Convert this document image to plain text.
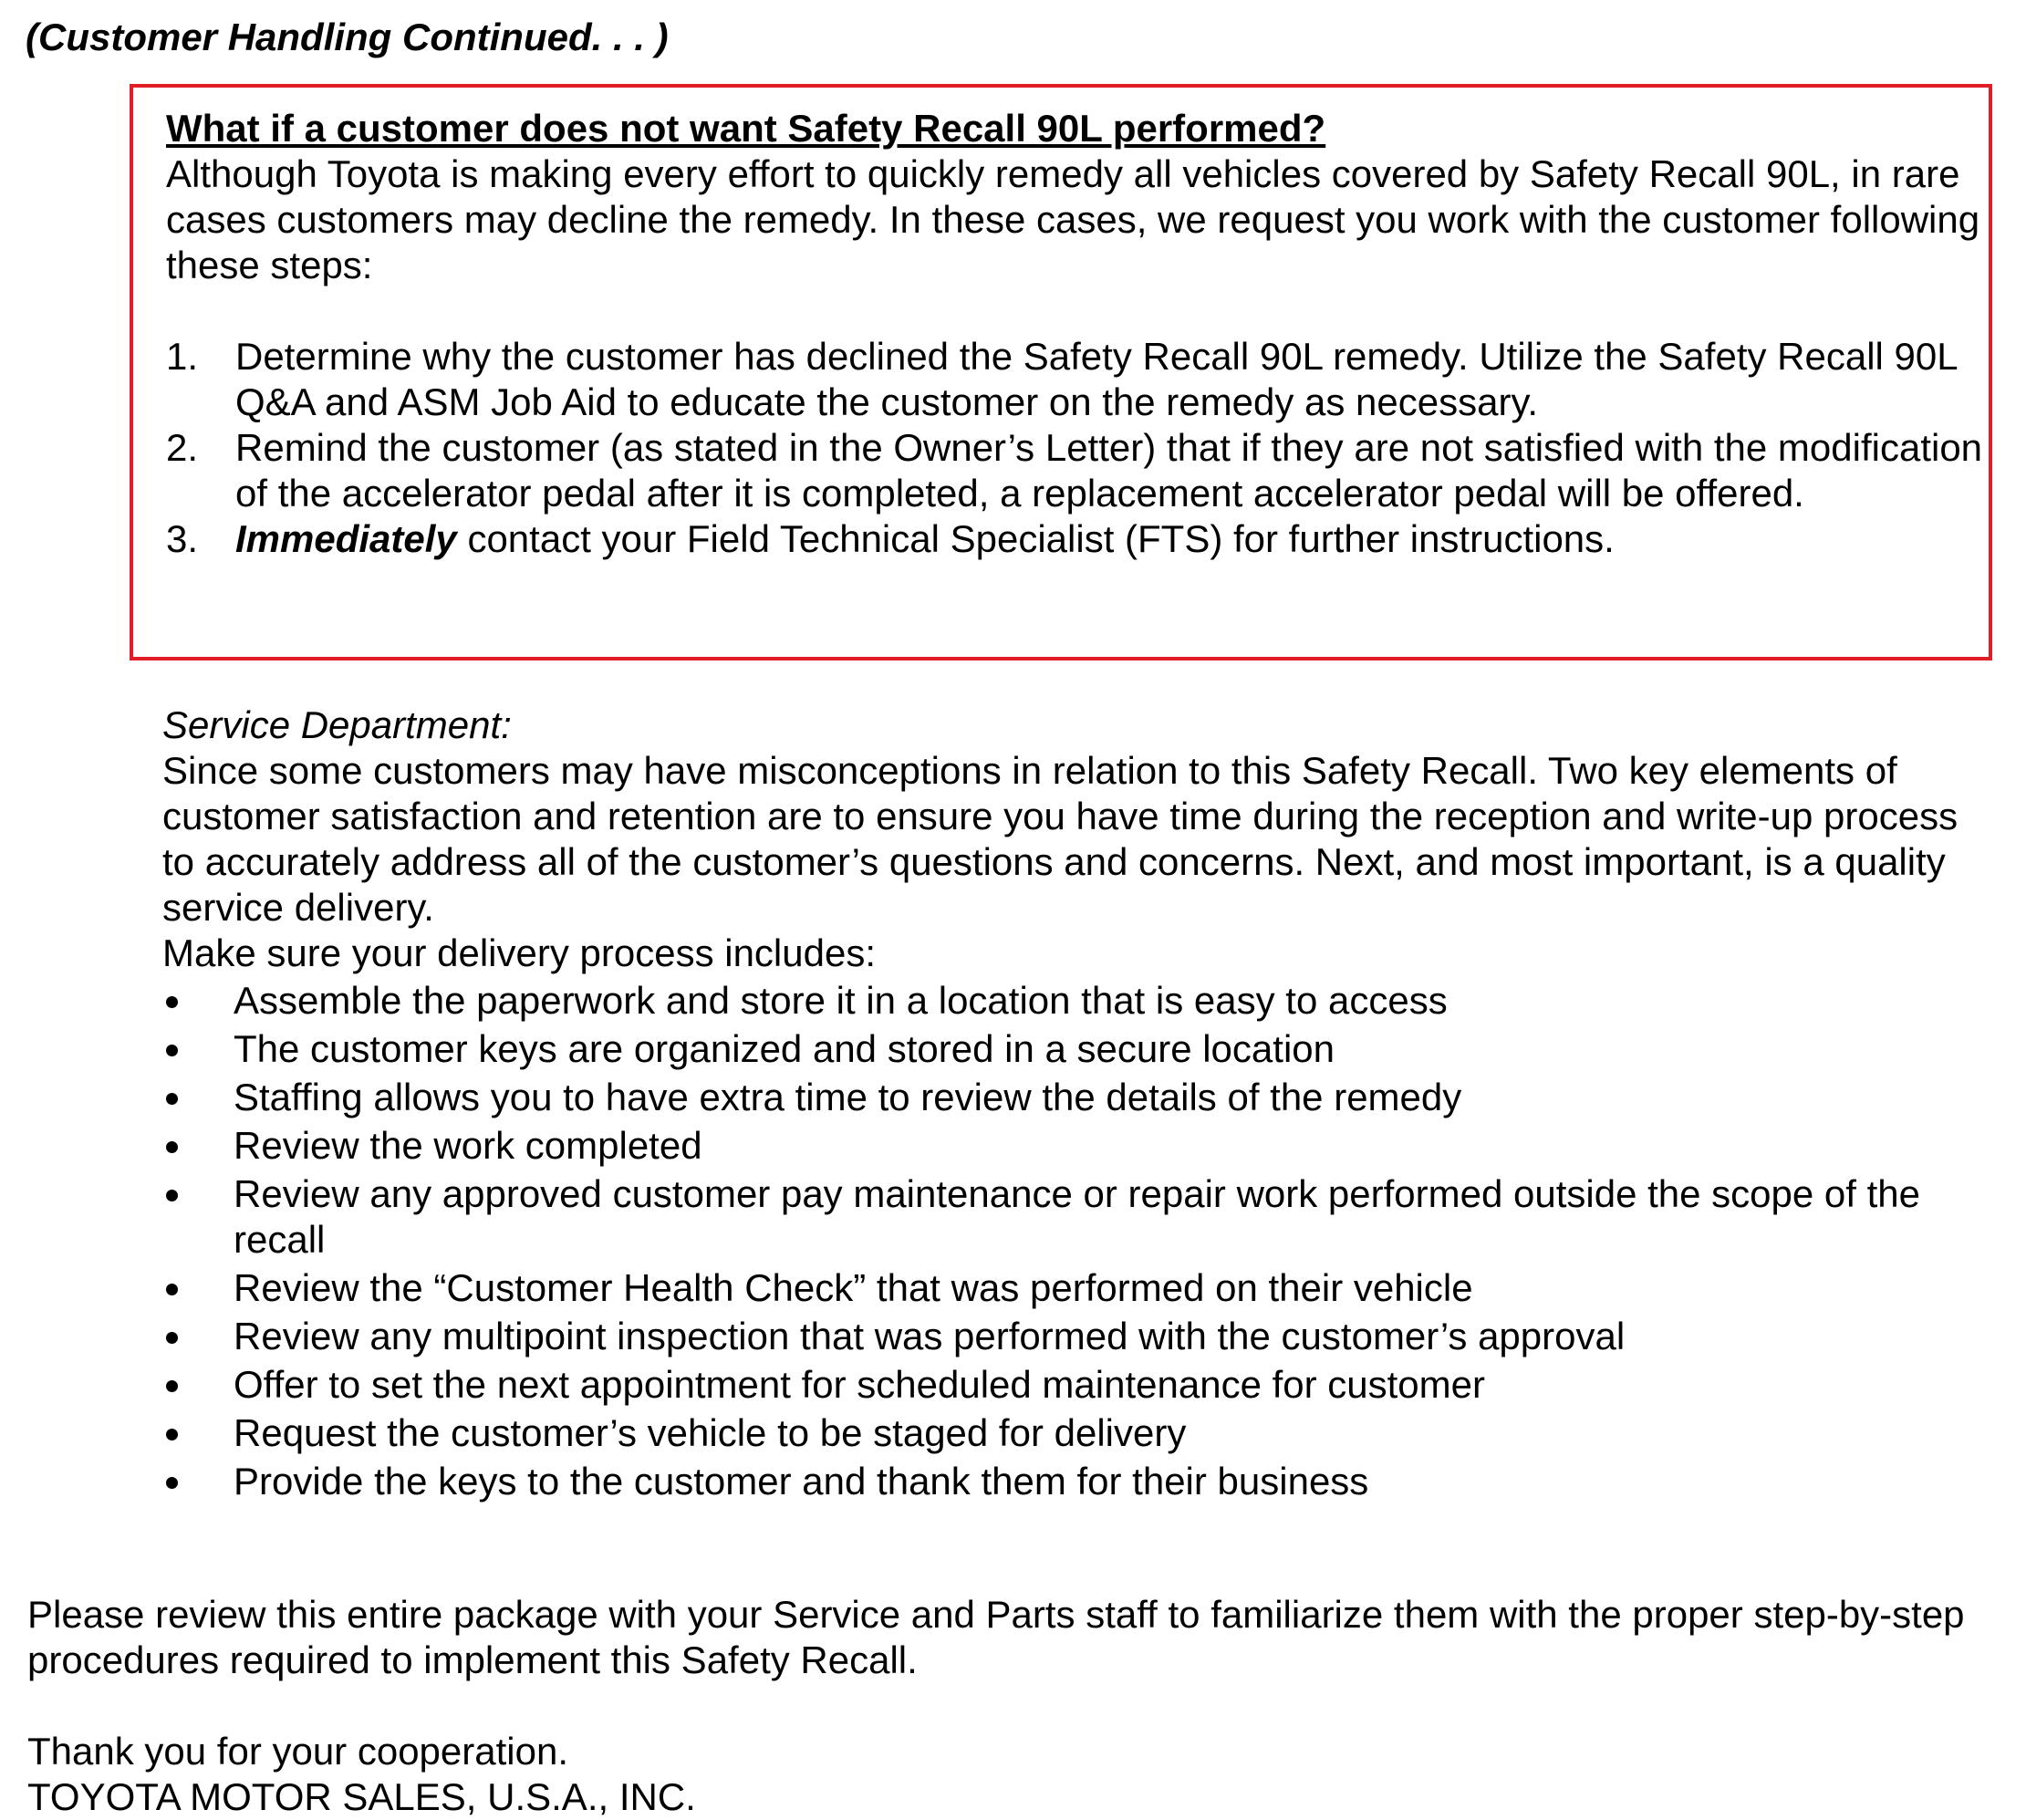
(Customer Handling Continued. . . )
What if a customer does not want Safety Recall 90L performed?
Although Toyota is making every effort to quickly remedy all vehicles covered by Safety Recall 90L, in rare cases customers may decline the remedy. In these cases, we request you work with the customer following these steps:
1. Determine why the customer has declined the Safety Recall 90L remedy. Utilize the Safety Recall 90L Q&A and ASM Job Aid to educate the customer on the remedy as necessary.
2. Remind the customer (as stated in the Owner’s Letter) that if they are not satisfied with the modification of the accelerator pedal after it is completed, a replacement accelerator pedal will be offered.
3. Immediately contact your Field Technical Specialist (FTS) for further instructions.
Service Department:
Since some customers may have misconceptions in relation to this Safety Recall. Two key elements of customer satisfaction and retention are to ensure you have time during the reception and write-up process to accurately address all of the customer’s questions and concerns. Next, and most important, is a quality service delivery.
Make sure your delivery process includes:
Assemble the paperwork and store it in a location that is easy to access
The customer keys are organized and stored in a secure location
Staffing allows you to have extra time to review the details of the remedy
Review the work completed
Review any approved customer pay maintenance or repair work performed outside the scope of the recall
Review the “Customer Health Check” that was performed on their vehicle
Review any multipoint inspection that was performed with the customer’s approval
Offer to set the next appointment for scheduled maintenance for customer
Request the customer’s vehicle to be staged for delivery
Provide the keys to the customer and thank them for their business
Please review this entire package with your Service and Parts staff to familiarize them with the proper step-by-step procedures required to implement this Safety Recall.
Thank you for your cooperation.
TOYOTA MOTOR SALES, U.S.A., INC.
